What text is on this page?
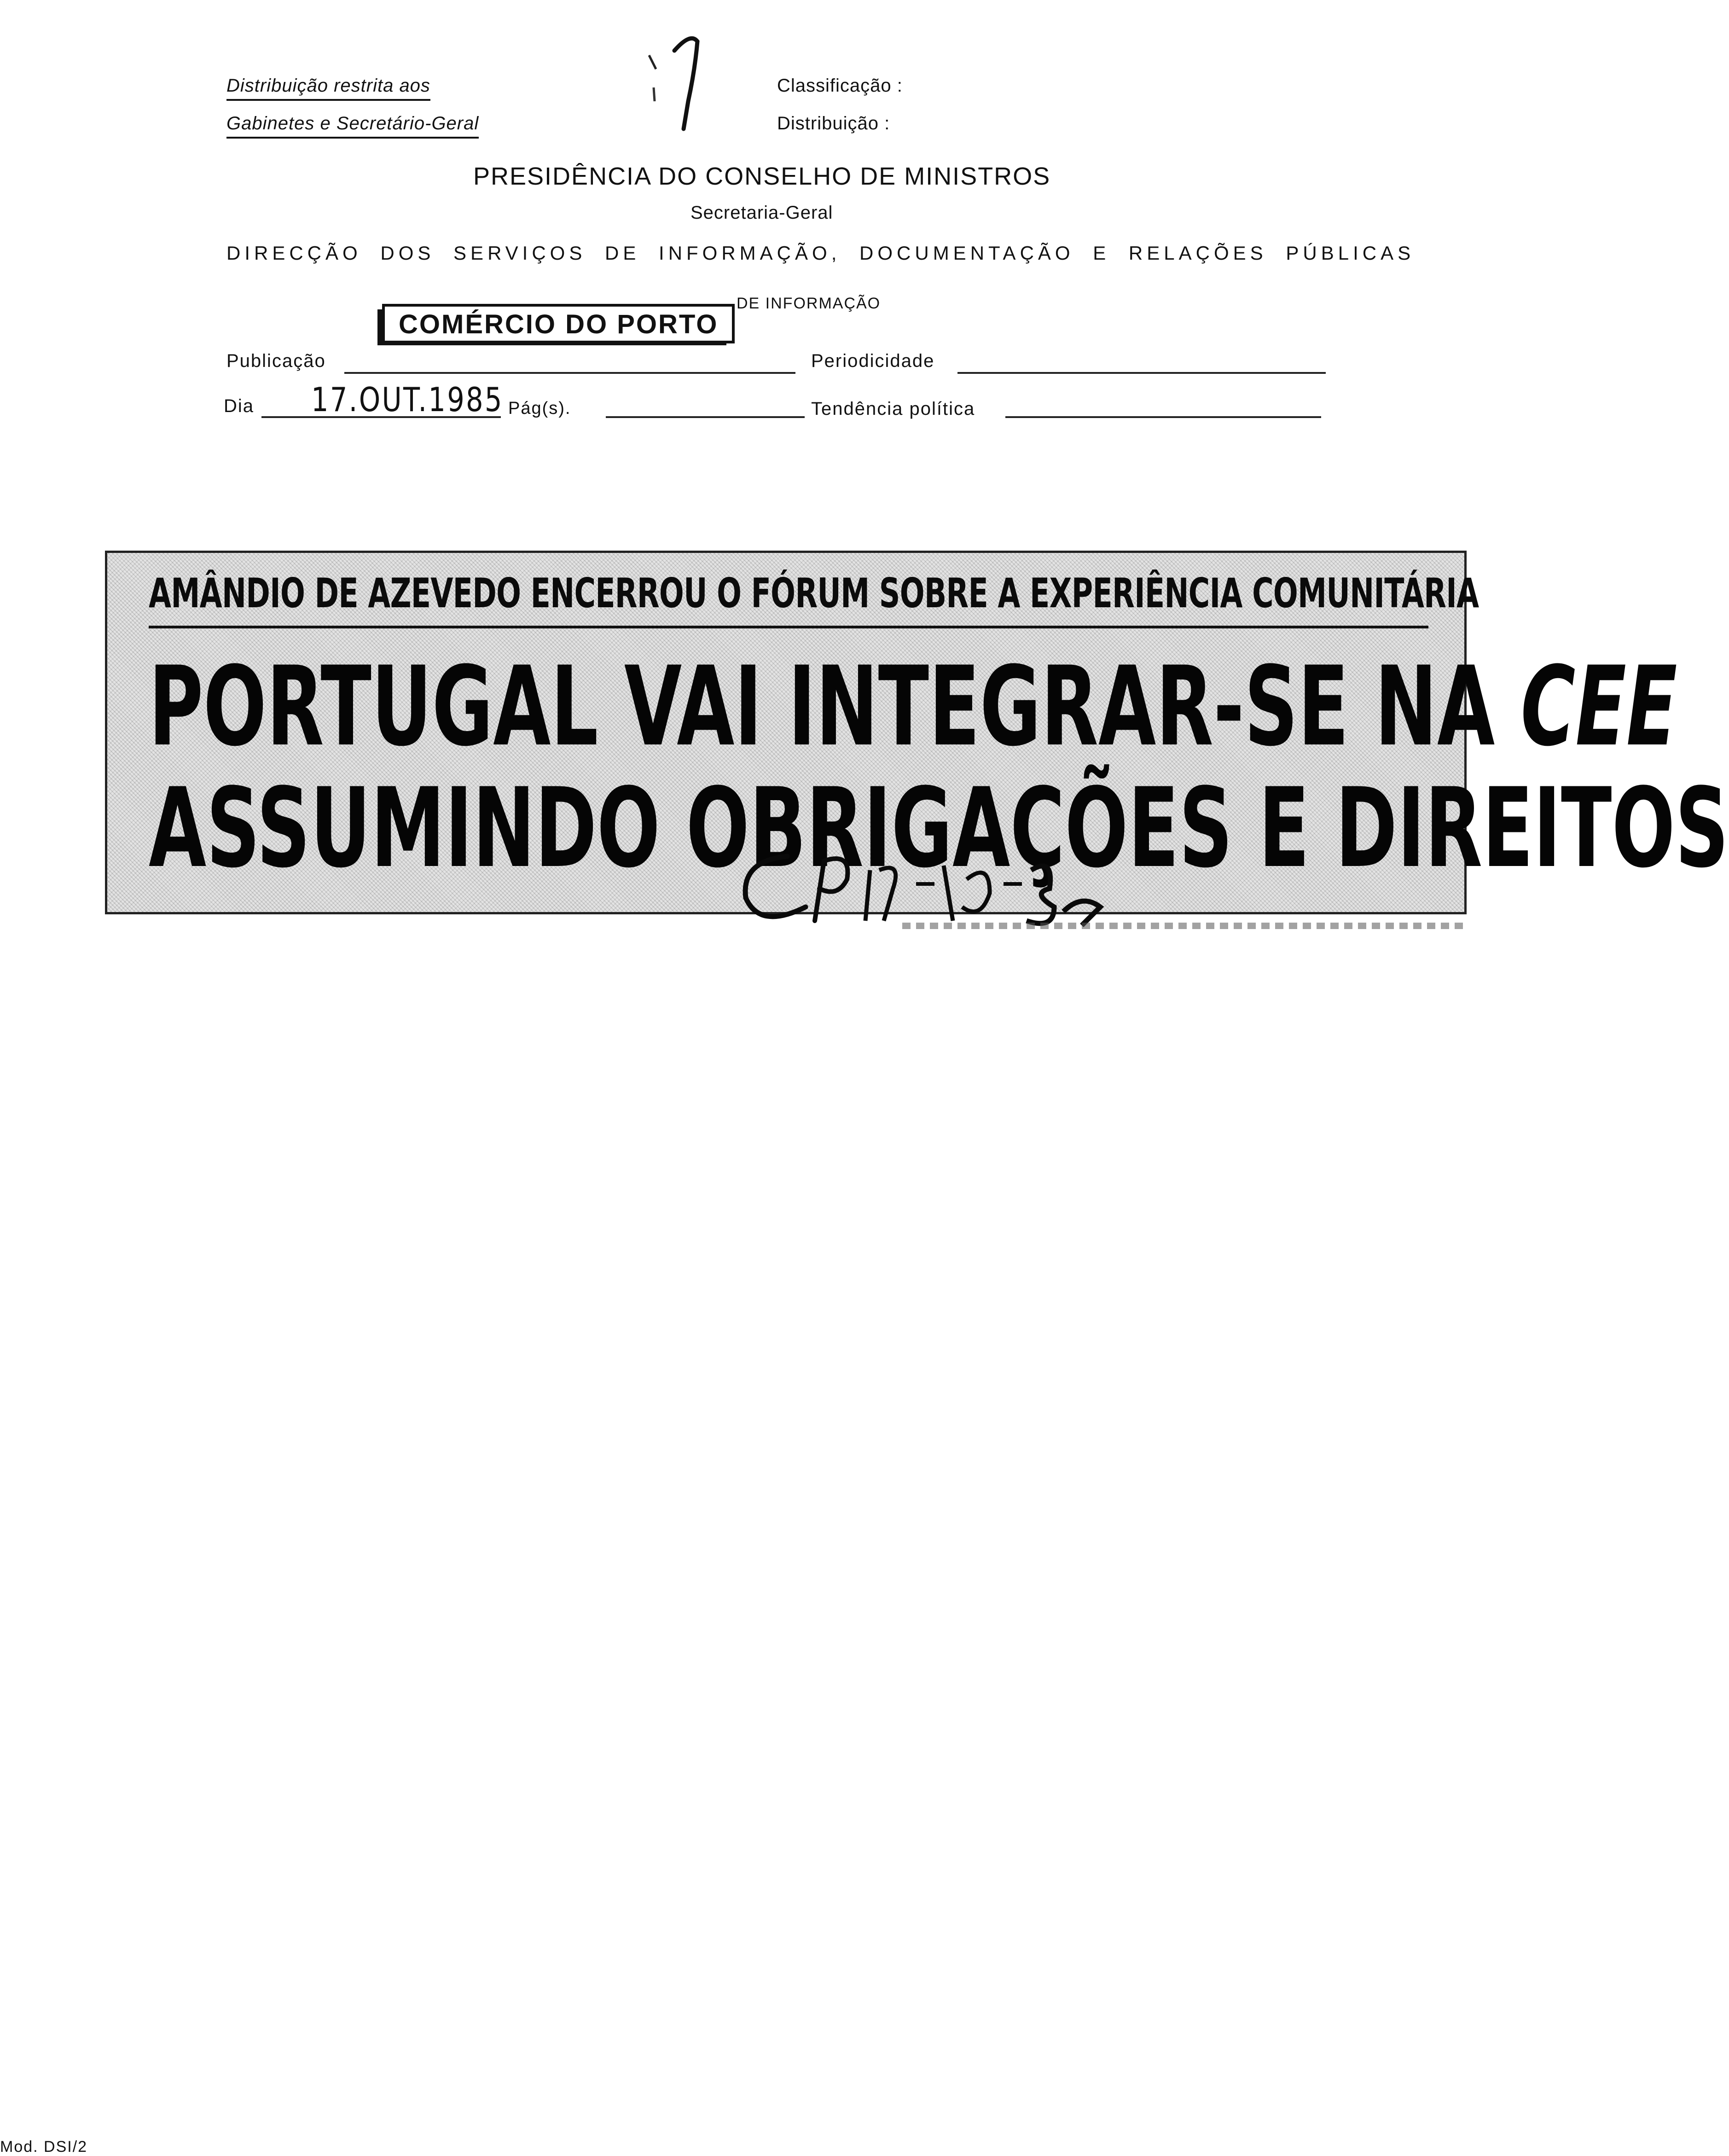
Distribuição restrita aos
Gabinetes e Secretário-Geral
Classificação :
Distribuição :
PRESIDÊNCIA DO CONSELHO DE MINISTROS
Secretaria-Geral
DIRECÇÃO DOS SERVIÇOS DE INFORMAÇÃO, DOCUMENTAÇÃO E RELAÇÕES PÚBLICAS
DE INFORMAÇÃO
COMÉRCIO DO PORTO
Publicação	Periodicidade
Dia 17.OUT.1985 Pág(s).	Tendência política
AMÂNDIO DE AZEVEDO ENCERROU O FÓRUM SOBRE A EXPERIÊNCIA COMUNITÁRIA
PORTUGAL VAI INTEGRAR-SE NA CEE
ASSUMINDO OBRIGAÇÕES E DIREITOS
Mod. DSI/2
